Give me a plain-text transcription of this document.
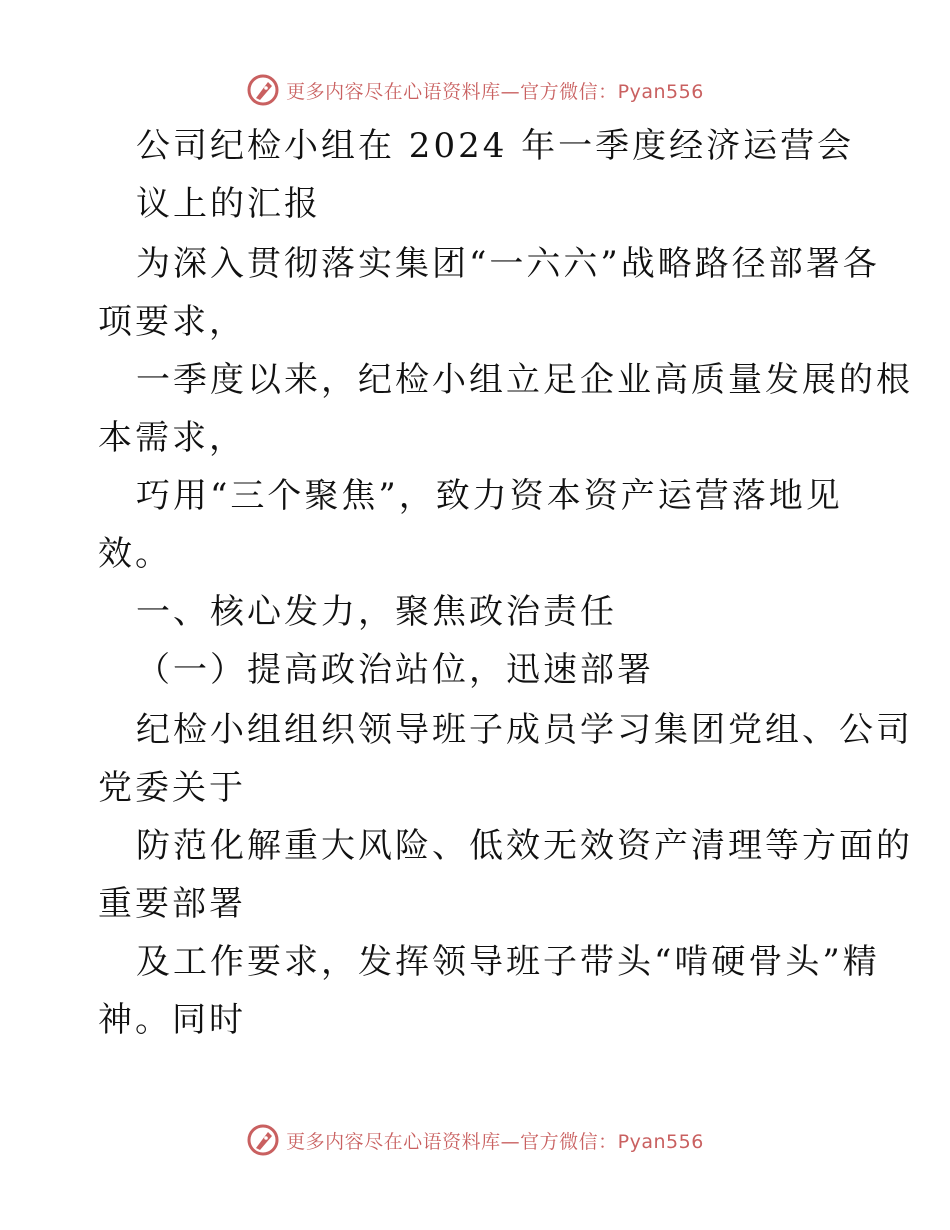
更多内容尽在心语资料库—官方微信：Pyan556
公司纪检小组在 2024 年一季度经济运营会
议上的汇报
为深入贯彻落实集团“一六六”战略路径部署各
项要求，
一季度以来，纪检小组立足企业高质量发展的根
本需求，
巧用“三个聚焦”，致力资本资产运营落地见
效。
一、核心发力，聚焦政治责任
（一）提高政治站位，迅速部署
纪检小组组织领导班子成员学习集团党组、公司
党委关于
防范化解重大风险、低效无效资产清理等方面的
重要部署
及工作要求，发挥领导班子带头“啃硬骨头”精
神。同时
更多内容尽在心语资料库—官方微信：Pyan556
